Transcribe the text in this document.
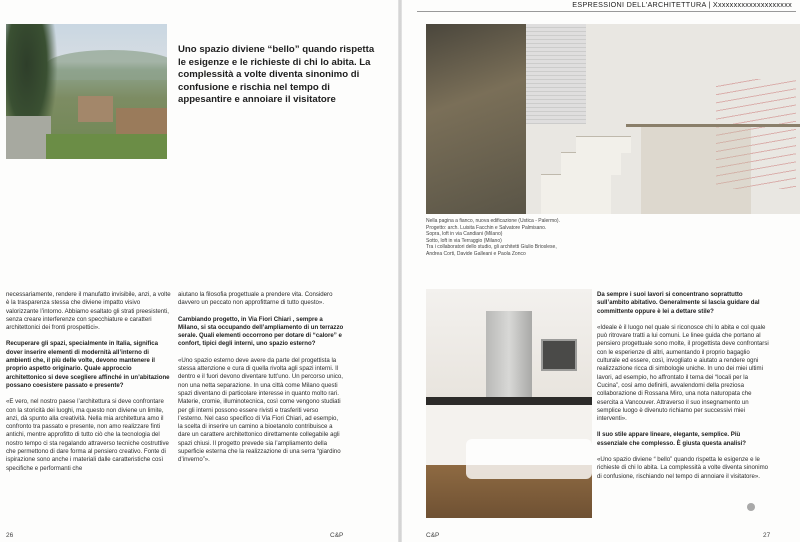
ESPRESSIONI DELL'ARCHITETTURA | Xxxxxxxxxxxxxxxxxxxx

Uno spazio diviene “bello” quando rispetta le esigenze e le richieste di chi lo abita. La complessità a volte diventa sinonimo di confusione e rischia nel tempo di appesantire e annoiare il visitatore

necessariamente, rendere il manufatto invisibile, anzi, a volte è la trasparenza stessa che diviene impatto visivo valorizzante l’intorno. Abbiamo esaltato gli strati preesistenti, senza creare interferenze con specchiature e caratteri architettonici dei fronti prospettici».

Recuperare gli spazi, specialmente in Italia, significa dover inserire elementi di modernità all’interno di ambienti che, il più delle volte, devono mantenere il proprio aspetto originario. Quale approccio architettonico si deve scegliere affinché in un’abitazione possano coesistere passato e presente?

«E vero, nel nostro paese l’architettura si deve confrontare con la storicità dei luoghi, ma questo non diviene un limite, anzi, dà spunto alla creatività. Nella mia architettura amo il confronto tra passato e presente, non amo realizzare finti antichi, mentre approfitto di tutto ciò che la tecnologia del nostro tempo ci sta regalando attraverso tecniche costruttive che permettono di dare forma al pensiero creativo. Fonte di ispirazione sono anche i materiali dalle caratteristiche così specifiche e performanti che

aiutano la filosofia progettuale a prendere vita. Considero davvero un peccato non approfittarne di tutto questo».

Cambiando progetto, in Via Fiori Chiari , sempre a Milano, si sta occupando dell’ampliamento di un terrazzo serale. Quali elementi occorrono per dotare di “calore” e confort, tipici degli interni, uno spazio esterno?

«Uno spazio esterno deve avere da parte del progettista la stessa attenzione e cura di quella rivolta agli spazi interni. Il dentro e il fuori devono diventare tutt’uno. Un percorso unico, non una netta separazione. In una città come Milano questi spazi diventano di particolare interesse in quanto molto rari. Materie, cromie, illuminotecnica, così come vengono studiati per gli interni possono essere rivisti e trasferiti verso l’esterno. Nel caso specifico di Via Fiori Chiari, ad esempio, la scelta di inserire un camino a bioetanolo contribuisce a dare un carattere architettonico direttamente collegabile agli spazi chiusi. Il progetto prevede sia l’ampliamento della superficie esterna che la realizzazione di una serra “giardino d’inverno”».

Nella pagina a fianco, nuova edificazione (Ustica - Palermo).
Progetto: arch. Luisita Facchin e Salvatore Palmisano.
Sopra, loft in via Candiani (Milano)
Sotto, loft in via Terraggio (Milano)
Tra i collaboratori dello studio, gli architetti Giulio Brioslese,
Andrea Corti, Davide Galleani e Paola Zonco

Da sempre i suoi lavori si concentrano soprattutto sull’ambito abitativo. Generalmente si lascia guidare dal committente oppure è lei a dettare stile?

«Ideale è il luogo nel quale si riconosce chi lo abita e col quale può ritrovare tratti a lui comuni. Le linee guida che portano al pensiero progettuale sono molte, il progettista deve confrontarsi con le esperienze di altri, aumentando il proprio bagaglio culturale ed essere, così, invogliato e aiutato a rendere ogni realizzazione ricca di simbologie uniche. In uno dei miei ultimi lavori, ad esempio, ho affrontato il tema dei “locali per la Cucina”, così amo definirli, avvalendomi della preziosa collaborazione di Rossana Miro, una nota naturopata che esercita a Vancouver. Attraverso il suo insegnamento un semplice luogo è divenuto richiamo per successivi miei interventi».

Il suo stile appare lineare, elegante, semplice. Più essenziale che complesso. È giusta questa analisi?

«Uno spazio diviene “ bello” quando rispetta le esigenze e le richieste di chi lo abita. La complessità a volte diventa sinonimo di confusione, rischiando nel tempo di annoiare il visitatore».

26	C&P	C&P	27
